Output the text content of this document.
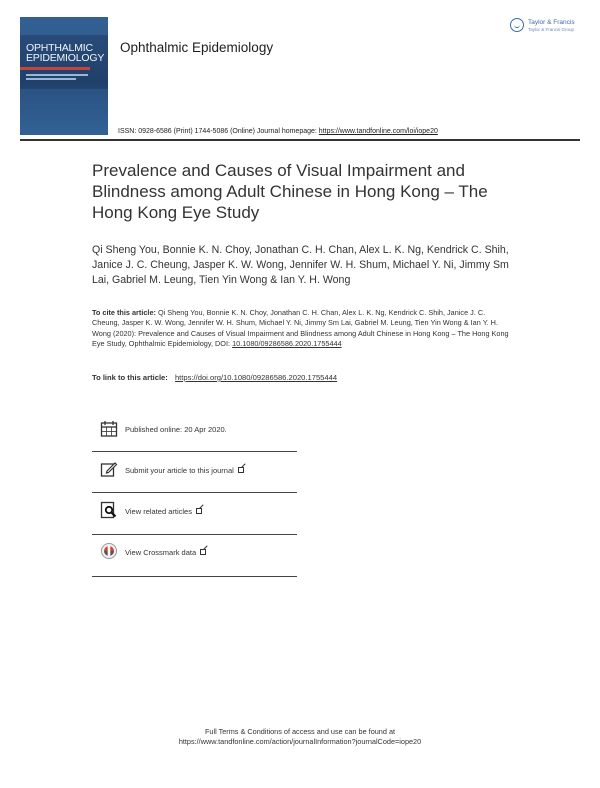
OPHTHALMIC EPIDEMIOLOGY
Ophthalmic Epidemiology
Taylor & Francis
Taylor & Francis Group
ISSN: 0928-6586 (Print) 1744-5086 (Online) Journal homepage: https://www.tandfonline.com/loi/iope20
Prevalence and Causes of Visual Impairment and Blindness among Adult Chinese in Hong Kong – The Hong Kong Eye Study
Qi Sheng You, Bonnie K. N. Choy, Jonathan C. H. Chan, Alex L. K. Ng, Kendrick C. Shih, Janice J. C. Cheung, Jasper K. W. Wong, Jennifer W. H. Shum, Michael Y. Ni, Jimmy Sm Lai, Gabriel M. Leung, Tien Yin Wong & Ian Y. H. Wong
To cite this article: Qi Sheng You, Bonnie K. N. Choy, Jonathan C. H. Chan, Alex L. K. Ng, Kendrick C. Shih, Janice J. C. Cheung, Jasper K. W. Wong, Jennifer W. H. Shum, Michael Y. Ni, Jimmy Sm Lai, Gabriel M. Leung, Tien Yin Wong & Ian Y. H. Wong (2020): Prevalence and Causes of Visual Impairment and Blindness among Adult Chinese in Hong Kong – The Hong Kong Eye Study, Ophthalmic Epidemiology, DOI: 10.1080/09286586.2020.1755444
To link to this article: https://doi.org/10.1080/09286586.2020.1755444
Published online: 20 Apr 2020.
Submit your article to this journal
View related articles
View Crossmark data
Full Terms & Conditions of access and use can be found at
https://www.tandfonline.com/action/journalInformation?journalCode=iope20
